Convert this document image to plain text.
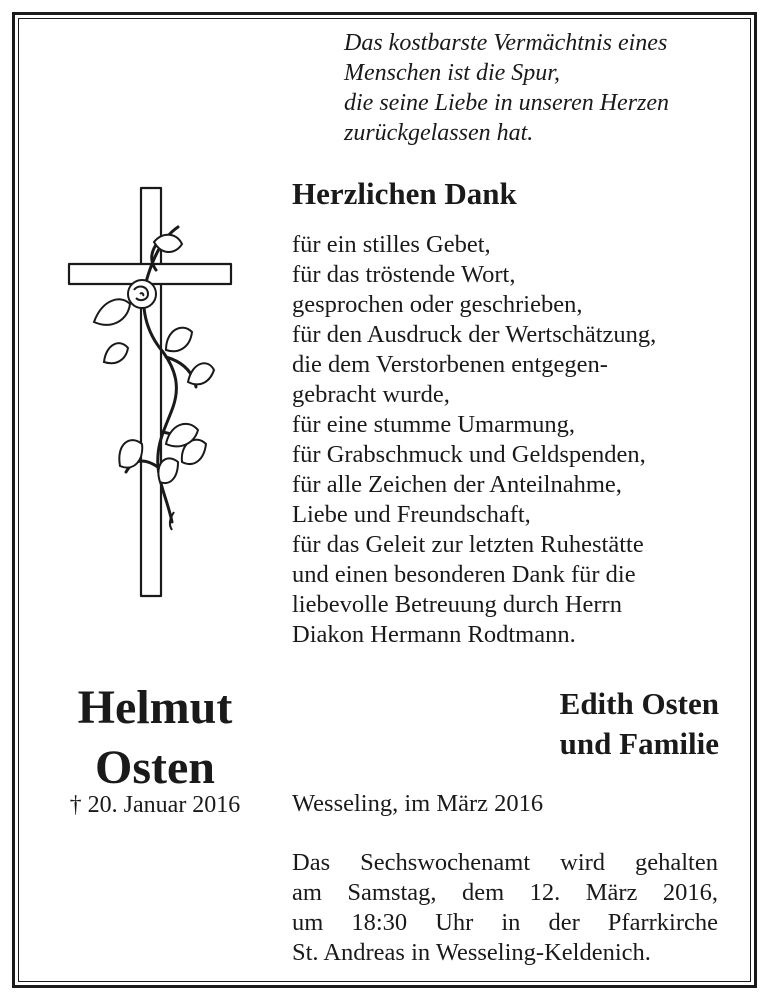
Das kostbarste Vermächtnis eines
Menschen ist die Spur,
die seine Liebe in unseren Herzen
zurückgelassen hat.
Herzlichen Dank
für ein stilles Gebet,
für das tröstende Wort,
gesprochen oder geschrieben,
für den Ausdruck der Wertschätzung,
die dem Verstorbenen entgegen-
gebracht wurde,
für eine stumme Umarmung,
für Grabschmuck und Geldspenden,
für alle Zeichen der Anteilnahme,
Liebe und Freundschaft,
für das Geleit zur letzten Ruhestätte
und einen besonderen Dank für die
liebevolle Betreuung durch Herrn
Diakon Hermann Rodtmann.
Helmut
Osten
† 20. Januar 2016
Edith Osten
und Familie
Wesseling, im März 2016
Das Sechswochenamt wird gehalten
am Samstag, dem 12. März 2016,
um 18:30 Uhr in der Pfarrkirche
St. Andreas in Wesseling-Keldenich.
